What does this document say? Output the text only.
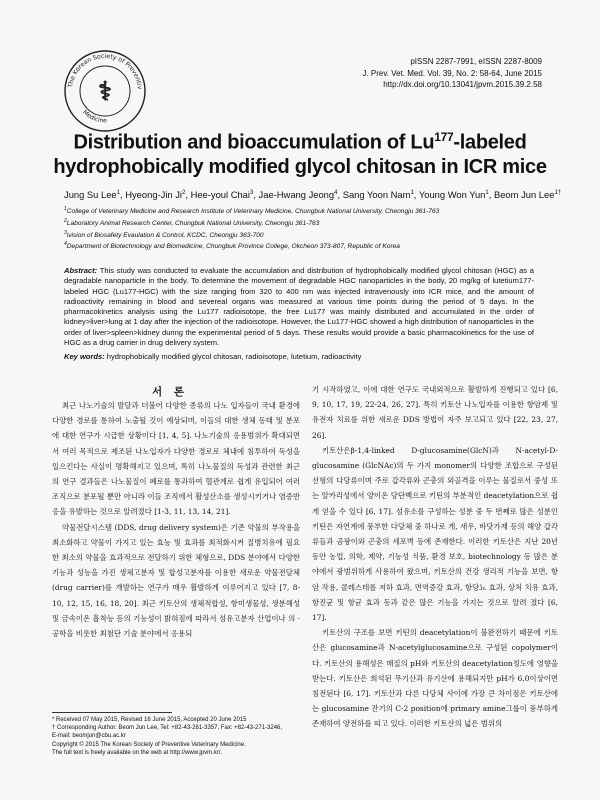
The Korean Society of Preventiv
Medicine
⚕
pISSN 2287-7991, eISSN 2287-8009
J. Prev. Vet. Med. Vol. 39, No. 2: 58-64, June 2015
http://dx.doi.org/10.13041/jpvm.2015.39.2.58
Distribution and bioaccumulation of Lu$^{177}$-labeled
hydrophobically modified glycol chitosan in ICR mice
Jung Su Lee$^1$, Hyeong-Jin Ji$^2$, Hee-youl Chai$^3$, Jae-Hwang Jeong$^4$, Sang Yoon Nam$^1$, Young Won Yun$^1$, Beom Jun Lee$^{1\dagger}$
$^1$College of Veterinary Medicine and Research Institute of Veterinary Medicine, Chungbuk National University, Cheongju 361-763
$^2$Laboratory Animal Research Center, Chungbuk National University, Cheongju 361-763
$^3$ivision of Biosafety Evaulation & Control, KCDC, Cheongju 363-700
$^4$Department of Biotechnology and Biomedicine, Chungbuk Province College, Okcheon 373-807, Republic of Korea
Abstract: This study was conducted to evaluate the accumulation and distribution of hydrophobically modified glycol chitosan (HGC) as a degradable nanoparticle in the body. To determine the movement of degradable HGC nanoparticles in the body, 20 mg/kg of lutetium177-labeled HGC (Lu177-HGC) with the size ranging from 320 to 400 nm was injected intravenously into ICR mice, and the amount of radioactivity remaining in blood and severeal organs was measured at various time points during the period of 5 days. In the pharmacokinetics analysis using the Lu177 radioisotope, the free Lu177 was mainly distributed and accumulated in the order of kidney>liver>lung at 1 day after the injection of the radioisotope. However, the Lu177-HGC showed a high distribution of nanoparticles in the order of liver>spleen>kidney during the experimental period of 5 days. These results would provide a basic pharmacokinetics for the use of HGC as a drug carrier in drug delivery system.
Key words: hydrophobically modified glycol chitosan, radioisotope, lutetium, radioactivity
서 론

최근 나노기술의 발달과 더불어 다양한 종류의 나노 입자들이 국내 환경에 다양한 경로를 통하여 노출될 것이 예상되며, 이들의 대한 생체 동태 및 분포에 대한 연구가 시급한 상황이다 [1, 4, 5]. 나노기술의 응용범위가 확대되면서 여러 목적으로 제조된 나노입자가 다양한 경로로 체내에 침투하여 독성을 일으킨다는 사실이 명확해지고 있으며, 특히 나노물질의 독성과 관련한 최근의 연구 결과들은 나노물질이 폐로를 통과하여 혈관계로 쉽게 유입되어 여러 조직으로 분포될 뿐만 아니라 이들 조직에서 활성산소를 생성시키거나 염증반응을 유발하는 것으로 알려졌다 [1-3, 11, 13, 14, 21].

약물전달시스템 (DDS, drug delivery system)은 기존 약물의 부작용을 최소화하고 약물이 가지고 있는 효능 및 효과를 최적화시켜 질병치유에 필요한 최소의 약물을 효과적으로 전달하기 위한 체형으로, DDS 분야에서 다양한 기능과 성능을 가진 생체고분자 및 합성고분자를 이용한 새로운 약물전달체(drug carrier)를 개발하는 연구가 매우 활발하게 이루어지고 있다 [7, 8-10, 12, 15, 16, 18, 20]. 최근 키토산의 생체적합성, 항미생물성, 생분해성 및 금속이온 흡착능 등의 기능성이 밝혀짐에 따라서 섬유고분자 산업이나 의 · 공학을 비롯한 최첨단 기술 분야에서 응용되

기 시작하였고, 이에 대한 연구도 국내외적으로 활발하게 진행되고 있다 [6, 9, 10, 17, 19, 22-24, 26, 27]. 특히 키토산 나노입자를 이용한 항암제 및 유전자 치료를 위한 새로운 DDS 방법이 자주 보고되고 있다 [22, 23, 27, 26].

키토산은β-1,4-linked D-glucosamine(GlcN)과 N-acetyl-D-glucosamine (GlcNAc)의 두 가지 monomer의 다양한 조합으로 구성된 선형의 다당류이며 주로 갑각류와 곤충의 외골격을 이루는 물질로서 중성 또는 알카리성에서 양이온 당단백으로 키틴의 부분적인 deacetylation으로 쉽게 얻을 수 있다 [6, 17]. 섬유소를 구성하는 성분 중 두 번째로 많은 성분인 키틴은 자연계에 풍부한 다당체 중 하나로 게, 새우, 바닷가재 등의 해양 갑각류들과 곰팡이와 곤충의 세포벽 등에 존재한다. 이러한 키토산은 지난 20년 동안 농업, 의학, 제약, 기능성 식품, 환경 보호, biotechnology 등 많은 분야에서 광범위하게 사용하여 왔으며, 키토산의 건강 생리적 기능을 보면, 항암 작용, 콜레스테롤 저하 효과, 면역증강 효과, 항당뇨 효과, 상처 치유 효과, 항진균 및 항균 효과 등과 같은 많은 기능을 가지는 것으로 알려 졌다 [6, 17].

키토산의 구조를 보면 키틴의 deacetylation이 불완전하기 때문에 키토산은 glucosamine과 N-acetylglucosamine으로 구성된 copolymer이다. 키토산의 용해성은 매질의 pH와 키토산의 deacetylation정도에 영향을 받는다. 키토산은 희석된 무기산과 유기산에 용해되지만 pH가 6.0이상이면 침전된다 [6, 17]. 키토산과 다른 다당체 사이에 가장 큰 차이점은 키토산에는 glucosamine 잔기의 C-2 position에 primary amine그룹이 풍부하게 존재하여 양전하를 띠고 있다. 이러한 키토산의 넓은 범위의

* Received 07 May 2015, Revised 16 June 2015, Accepted 20 June 2015
† Corresponding Author. Beom Jun Lee, Tel: +82-43-261-3357, Fax: +82-43-271-3246,
E-mail: beomjun@cbu.ac.kr
Copyright © 2015 The Korean Society of Preventive Veterinary Medicine.
The full text is freely available on the web at http://www.jpvm.kr/.
